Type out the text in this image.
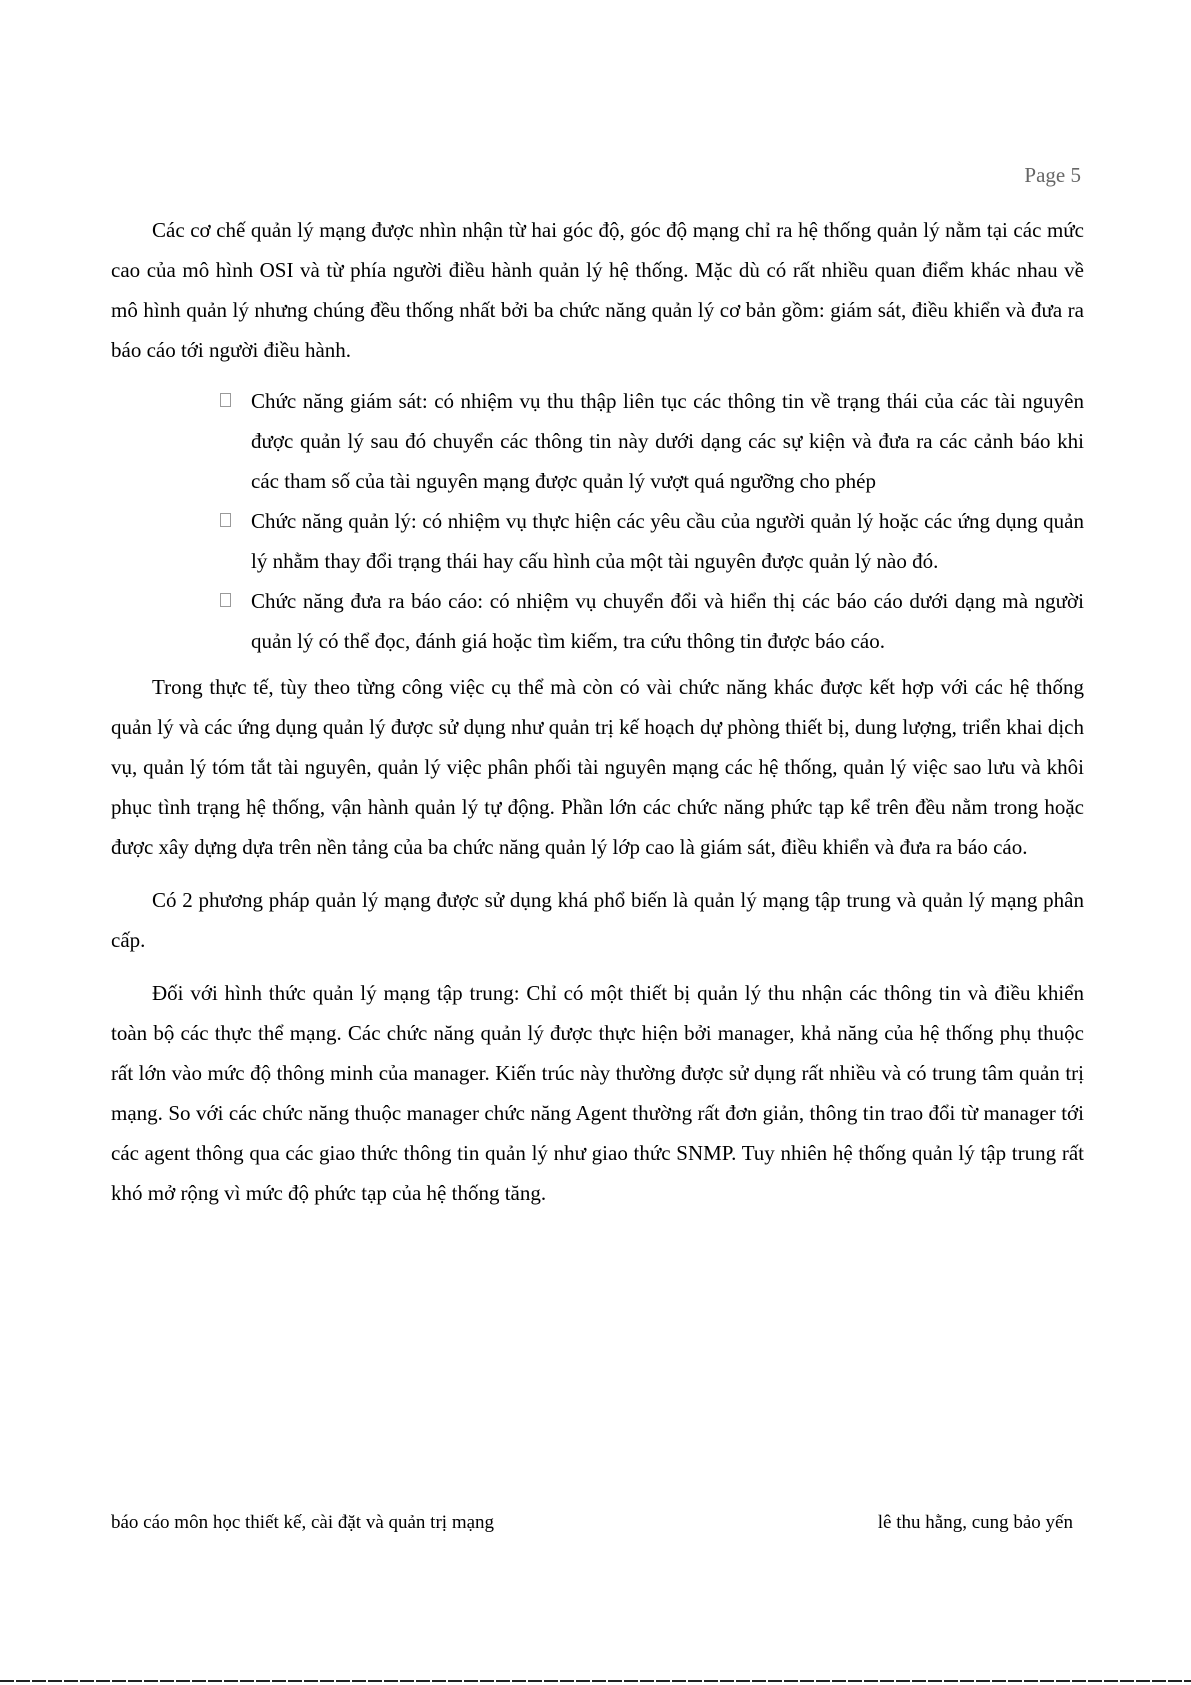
Page 5

Các cơ chế quản lý mạng được nhìn nhận từ hai góc độ, góc độ mạng chỉ ra hệ thống quản lý nằm tại các mức cao của mô hình OSI và từ phía người điều hành quản lý hệ thống. Mặc dù có rất nhiều quan điểm khác nhau về mô hình quản lý nhưng chúng đều thống nhất bởi ba chức năng quản lý cơ bản gồm: giám sát, điều khiển và đưa ra báo cáo tới người điều hành.

Chức năng giám sát: có nhiệm vụ thu thập liên tục các thông tin về trạng thái của các tài nguyên được quản lý sau đó chuyển các thông tin này dưới dạng các sự kiện và đưa ra các cảnh báo khi các tham số của tài nguyên mạng được quản lý vượt quá ngưỡng cho phép
Chức năng quản lý: có nhiệm vụ thực hiện các yêu cầu của người quản lý hoặc các ứng dụng quản lý nhằm thay đổi trạng thái hay cấu hình của một tài nguyên được quản lý nào đó.
Chức năng đưa ra báo cáo: có nhiệm vụ chuyển đổi và hiển thị các báo cáo dưới dạng mà người quản lý có thể đọc, đánh giá hoặc tìm kiếm, tra cứu thông tin được báo cáo.

Trong thực tế, tùy theo từng công việc cụ thể mà còn có vài chức năng khác được kết hợp với các hệ thống quản lý và các ứng dụng quản lý được sử dụng như quản trị kế hoạch dự phòng thiết bị, dung lượng, triển khai dịch vụ, quản lý tóm tắt tài nguyên, quản lý việc phân phối tài nguyên mạng các hệ thống, quản lý việc sao lưu và khôi phục tình trạng hệ thống, vận hành quản lý tự động. Phần lớn các chức năng phức tạp kể trên đều nằm trong hoặc được xây dựng dựa trên nền tảng của ba chức năng quản lý lớp cao là giám sát, điều khiển và đưa ra báo cáo.

Có 2 phương pháp quản lý mạng được sử dụng khá phổ biến là quản lý mạng tập trung và quản lý mạng phân cấp.

Đối với hình thức quản lý mạng tập trung: Chỉ có một thiết bị quản lý thu nhận các thông tin và điều khiển toàn bộ các thực thể mạng. Các chức năng quản lý được thực hiện bởi manager, khả năng của hệ thống phụ thuộc rất lớn vào mức độ thông minh của manager. Kiến trúc này thường được sử dụng rất nhiều và có trung tâm quản trị mạng. So với các chức năng thuộc manager chức năng Agent thường rất đơn giản, thông tin trao đổi từ manager tới các agent thông qua các giao thức thông tin quản lý như giao thức SNMP. Tuy nhiên hệ thống quản lý tập trung rất khó mở rộng vì mức độ phức tạp của hệ thống tăng.

báo cáo môn học thiết kế, cài đặt và quản trị mạng	lê thu hằng, cung bảo yến
